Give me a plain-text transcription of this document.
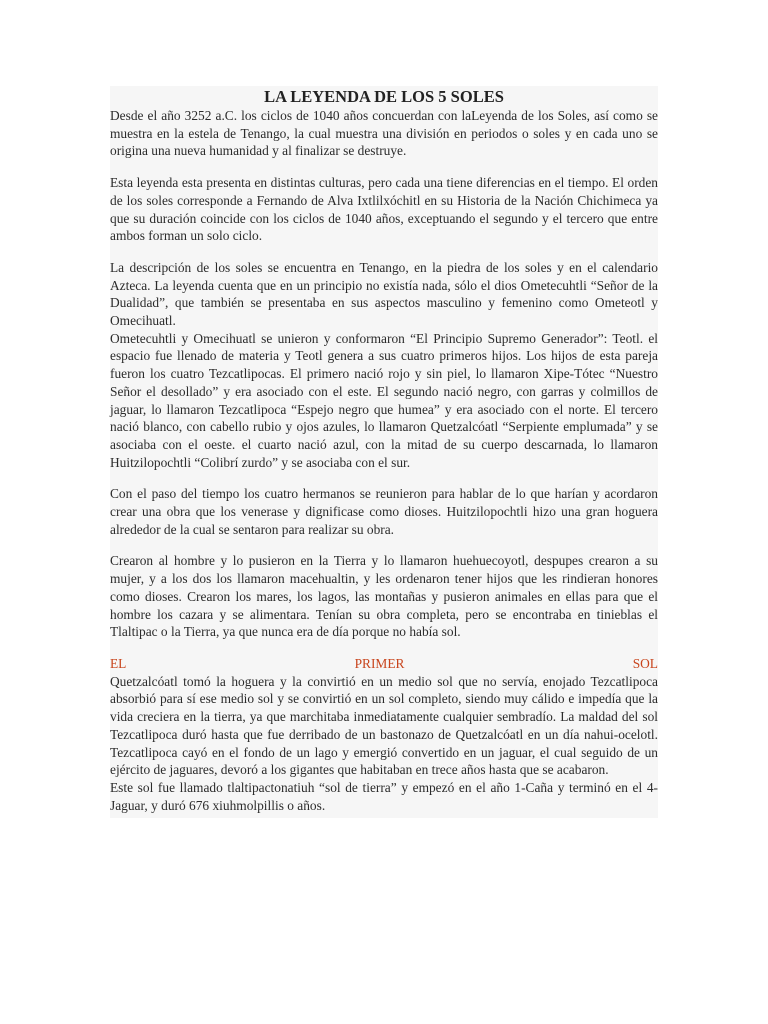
LA LEYENDA DE LOS 5 SOLES

Desde el año 3252 a.C. los ciclos de 1040 años concuerdan con laLeyenda de los Soles, así como se muestra en la estela de Tenango, la cual muestra una división en periodos o soles y en cada uno se origina una nueva humanidad y al finalizar se destruye.

Esta leyenda esta presenta en distintas culturas, pero cada una tiene diferencias en el tiempo. El orden de los soles corresponde a Fernando de Alva Ixtlilxóchitl en su Historia de la Nación Chichimeca ya que su duración coincide con los ciclos de 1040 años, exceptuando el segundo y el tercero que entre ambos forman un solo ciclo.

La descripción de los soles se encuentra en Tenango, en la piedra de los soles y en el calendario Azteca. La leyenda cuenta que en un principio no existía nada, sólo el dios Ometecuhtli “Señor de la Dualidad”, que también se presentaba en sus aspectos masculino y femenino como Ometeotl y Omecihuatl.

Ometecuhtli y Omecihuatl se unieron y conformaron “El Principio Supremo Generador”: Teotl. el espacio fue llenado de materia y Teotl genera a sus cuatro primeros hijos. Los hijos de esta pareja fueron los cuatro Tezcatlipocas. El primero nació rojo y sin piel, lo llamaron Xipe-Tótec “Nuestro Señor el desollado” y era asociado con el este. El segundo nació negro, con garras y colmillos de jaguar, lo llamaron Tezcatlipoca “Espejo negro que humea” y era asociado con el norte. El tercero nació blanco, con cabello rubio y ojos azules, lo llamaron Quetzalcóatl “Serpiente emplumada” y se asociaba con el oeste. el cuarto nació azul, con la mitad de su cuerpo descarnada, lo llamaron Huitzilopochtli “Colibrí zurdo” y se asociaba con el sur.

Con el paso del tiempo los cuatro hermanos se reunieron para hablar de lo que harían y acordaron crear una obra que los venerase y dignificase como dioses. Huitzilopochtli hizo una gran hoguera alrededor de la cual se sentaron para realizar su obra.

Crearon al hombre y lo pusieron en la Tierra y lo llamaron huehuecoyotl, despupes crearon a su mujer, y a los dos los llamaron macehualtin, y les ordenaron tener hijos que les rindieran honores como dioses. Crearon los mares, los lagos, las montañas y pusieron animales en ellas para que el hombre los cazara y se alimentara. Tenían su obra completa, pero se encontraba en tinieblas el Tlaltipac o la Tierra, ya que nunca era de día porque no había sol.

EL	PRIMER	SOL

Quetzalcóatl tomó la hoguera y la convirtió en un medio sol que no servía, enojado Tezcatlipoca absorbió para sí ese medio sol y se convirtió en un sol completo, siendo muy cálido e impedía que la vida creciera en la tierra, ya que marchitaba inmediatamente cualquier sembradío. La maldad del sol Tezcatlipoca duró hasta que fue derribado de un bastonazo de Quetzalcóatl en un día nahui-ocelotl. Tezcatlipoca cayó en el fondo de un lago y emergió convertido en un jaguar, el cual seguido de un ejército de jaguares, devoró a los gigantes que habitaban en trece años hasta que se acabaron.

Este sol fue llamado tlaltipactonatiuh “sol de tierra” y empezó en el año 1-Caña y terminó en el 4-Jaguar, y duró 676 xiuhmolpillis o años.
